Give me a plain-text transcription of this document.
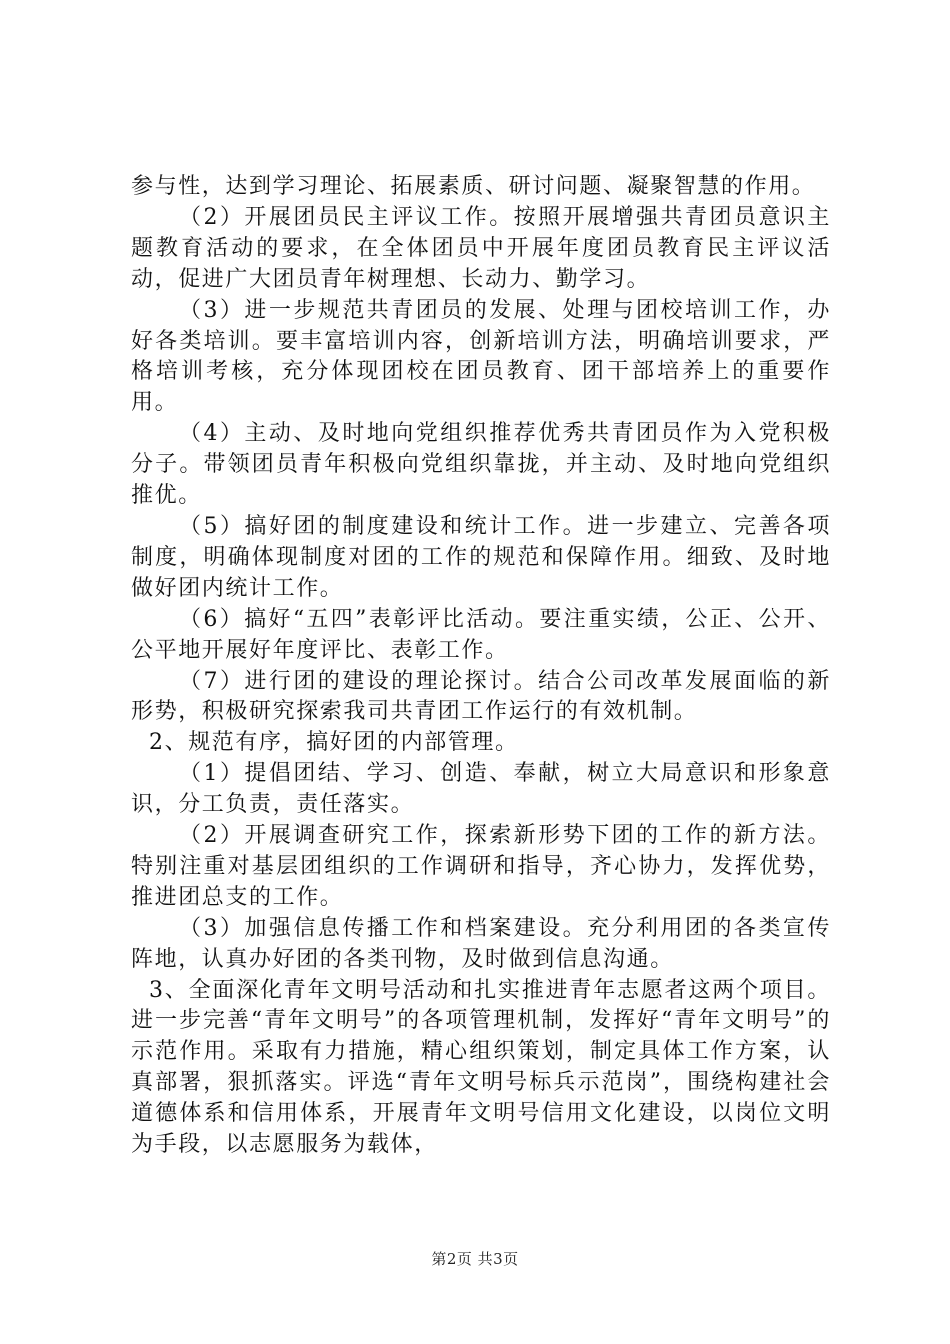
参与性，达到学习理论、拓展素质、研讨问题、凝聚智慧的作用。

（2）开展团员民主评议工作。按照开展增强共青团员意识主题教育活动的要求，在全体团员中开展年度团员教育民主评议活动，促进广大团员青年树理想、长动力、勤学习。

（3）进一步规范共青团员的发展、处理与团校培训工作，办好各类培训。要丰富培训内容，创新培训方法，明确培训要求，严格培训考核，充分体现团校在团员教育、团干部培养上的重要作用。

（4）主动、及时地向党组织推荐优秀共青团员作为入党积极分子。带领团员青年积极向党组织靠拢，并主动、及时地向党组织推优。

（5）搞好团的制度建设和统计工作。进一步建立、完善各项制度，明确体现制度对团的工作的规范和保障作用。细致、及时地做好团内统计工作。

（6）搞好“五四”表彰评比活动。要注重实绩，公正、公开、公平地开展好年度评比、表彰工作。

（7）进行团的建设的理论探讨。结合公司改革发展面临的新形势，积极研究探索我司共青团工作运行的有效机制。

2、规范有序，搞好团的内部管理。

（1）提倡团结、学习、创造、奉献，树立大局意识和形象意识，分工负责，责任落实。

（2）开展调查研究工作，探索新形势下团的工作的新方法。特别注重对基层团组织的工作调研和指导，齐心协力，发挥优势，推进团总支的工作。

（3）加强信息传播工作和档案建设。充分利用团的各类宣传阵地，认真办好团的各类刊物，及时做到信息沟通。

3、全面深化青年文明号活动和扎实推进青年志愿者这两个项目。进一步完善“青年文明号”的各项管理机制，发挥好“青年文明号”的示范作用。采取有力措施，精心组织策划，制定具体工作方案，认真部署，狠抓落实。评选“青年文明号标兵示范岗”，围绕构建社会道德体系和信用体系，开展青年文明号信用文化建设，以岗位文明为手段，以志愿服务为载体，

第2页 共3页
